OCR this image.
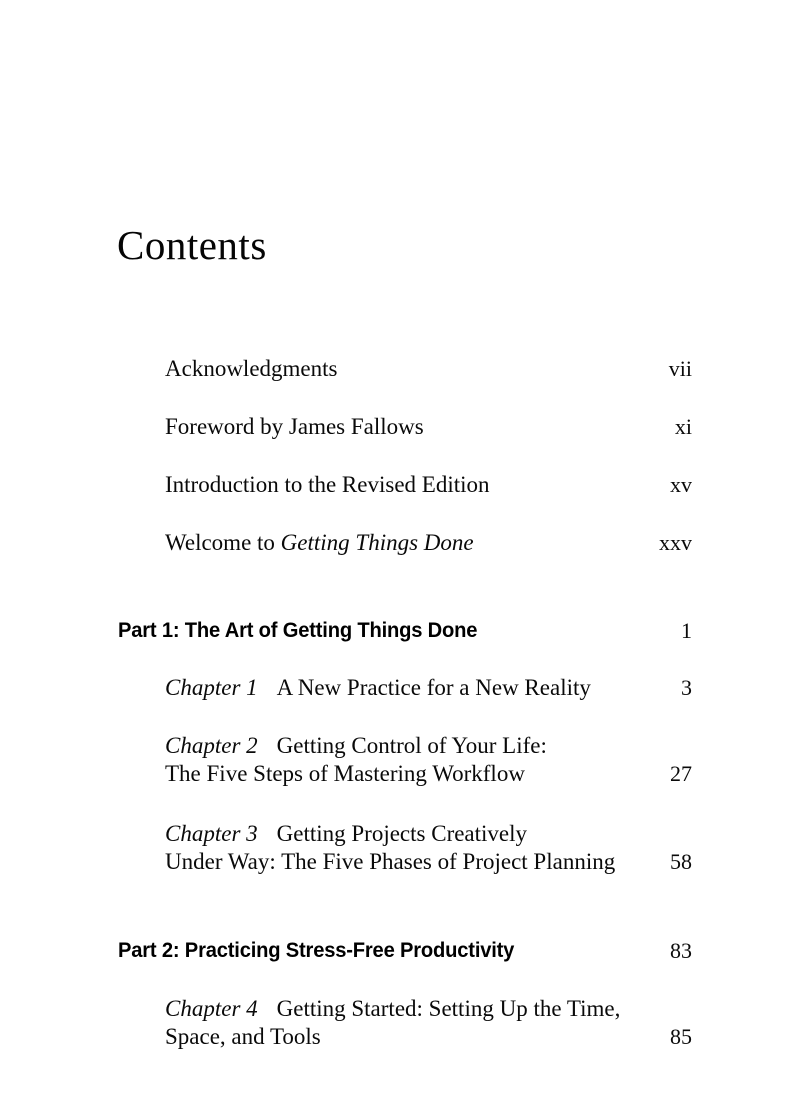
Contents
Acknowledgments	vii
Foreword by James Fallows	xi
Introduction to the Revised Edition	xv
Welcome to Getting Things Done	xxv
Part 1: The Art of Getting Things Done	1
Chapter 1 A New Practice for a New Reality	3
Chapter 2 Getting Control of Your Life:
The Five Steps of Mastering Workflow	27
Chapter 3 Getting Projects Creatively
Under Way: The Five Phases of Project Planning	58
Part 2: Practicing Stress-Free Productivity	83
Chapter 4 Getting Started: Setting Up the Time,
Space, and Tools	85
